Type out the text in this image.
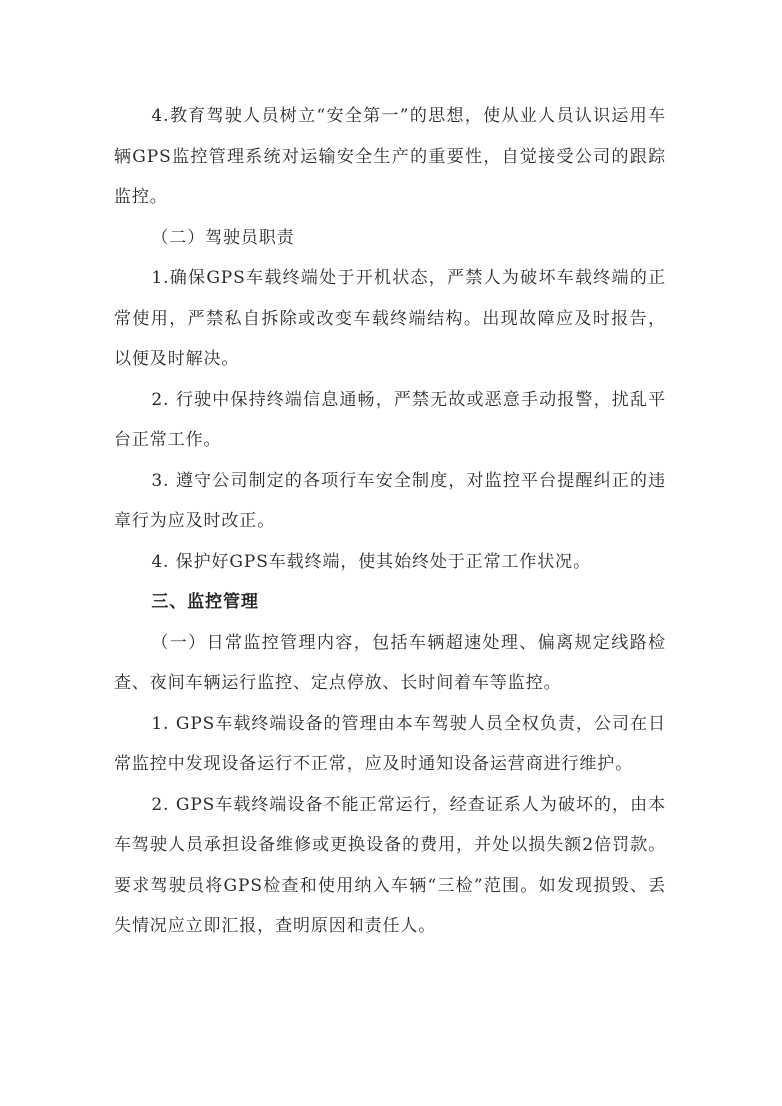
4.教育驾驶人员树立“安全第一”的思想，使从业人员认识运用车辆GPS监控管理系统对运输安全生产的重要性，自觉接受公司的跟踪监控。

（二）驾驶员职责

1.确保GPS车载终端处于开机状态，严禁人为破坏车载终端的正常使用，严禁私自拆除或改变车载终端结构。出现故障应及时报告，以便及时解决。

2. 行驶中保持终端信息通畅，严禁无故或恶意手动报警，扰乱平台正常工作。

3. 遵守公司制定的各项行车安全制度，对监控平台提醒纠正的违章行为应及时改正。

4. 保护好GPS车载终端，使其始终处于正常工作状况。

三、监控管理

（一）日常监控管理内容，包括车辆超速处理、偏离规定线路检查、夜间车辆运行监控、定点停放、长时间着车等监控。

1. GPS车载终端设备的管理由本车驾驶人员全权负责，公司在日常监控中发现设备运行不正常，应及时通知设备运营商进行维护。

2. GPS车载终端设备不能正常运行，经查证系人为破坏的，由本车驾驶人员承担设备维修或更换设备的费用，并处以损失额2倍罚款。要求驾驶员将GPS检查和使用纳入车辆“三检”范围。如发现损毁、丢失情况应立即汇报，查明原因和责任人。
